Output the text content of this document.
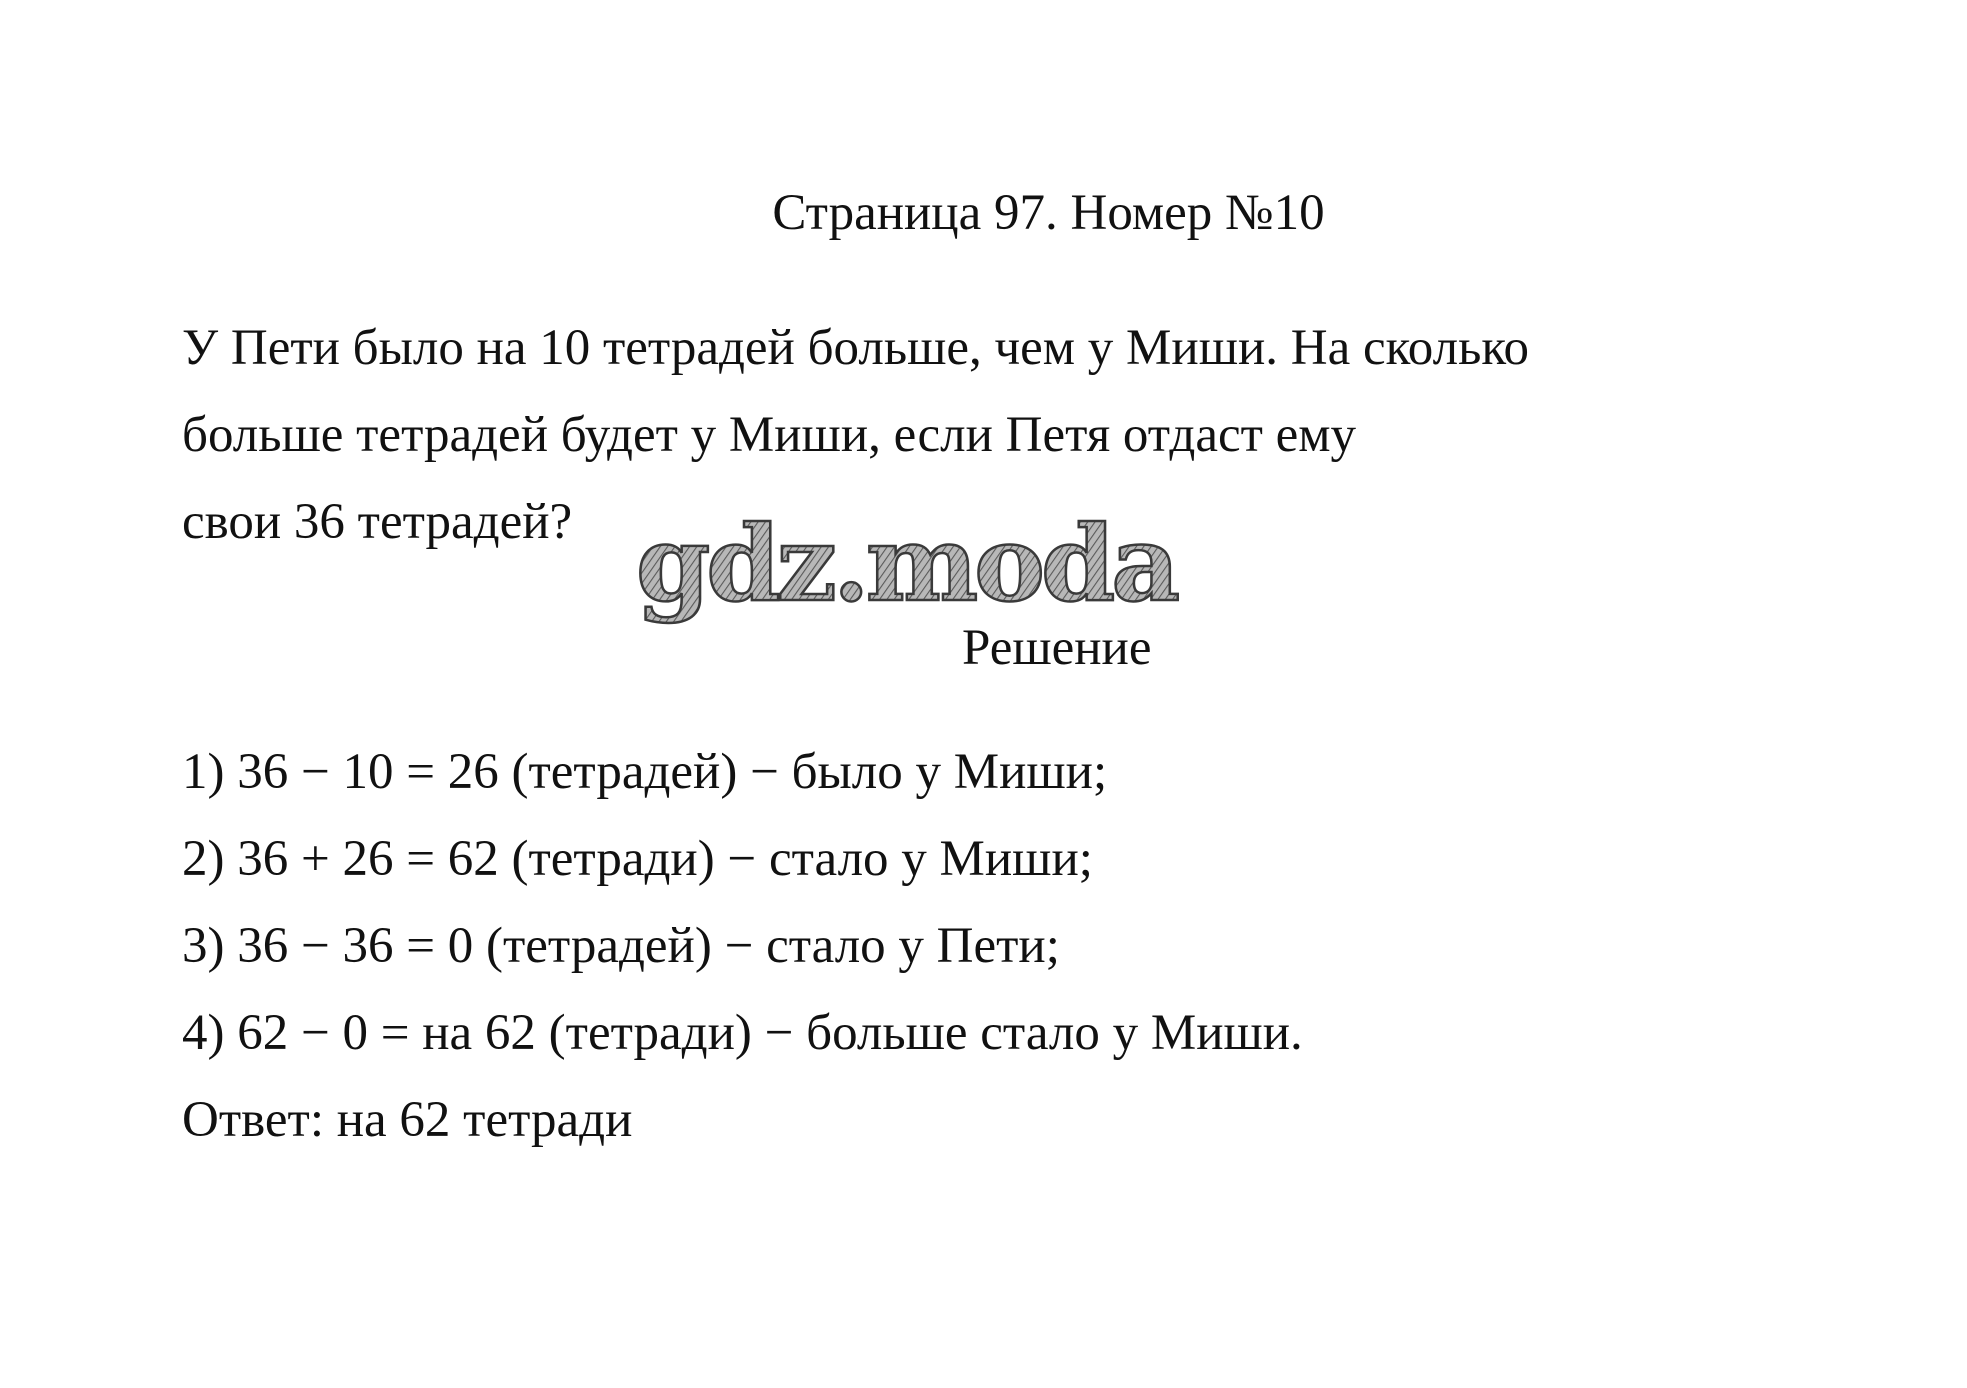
Страница 97. Номер №10
У Пети было на 10 тетрадей больше, чем у Миши. На сколько
больше тетрадей будет у Миши, если Петя отдаст ему
свои 36 тетрадей? gdz.moda
Решение
1) 36 − 10 = 26 (тетрадей) − было у Миши;
2) 36 + 26 = 62 (тетради) − стало у Миши;
3) 36 − 36 = 0 (тетрадей) − стало у Пети;
4) 62 − 0 = на 62 (тетради) − больше стало у Миши.
Ответ: на 62 тетради
